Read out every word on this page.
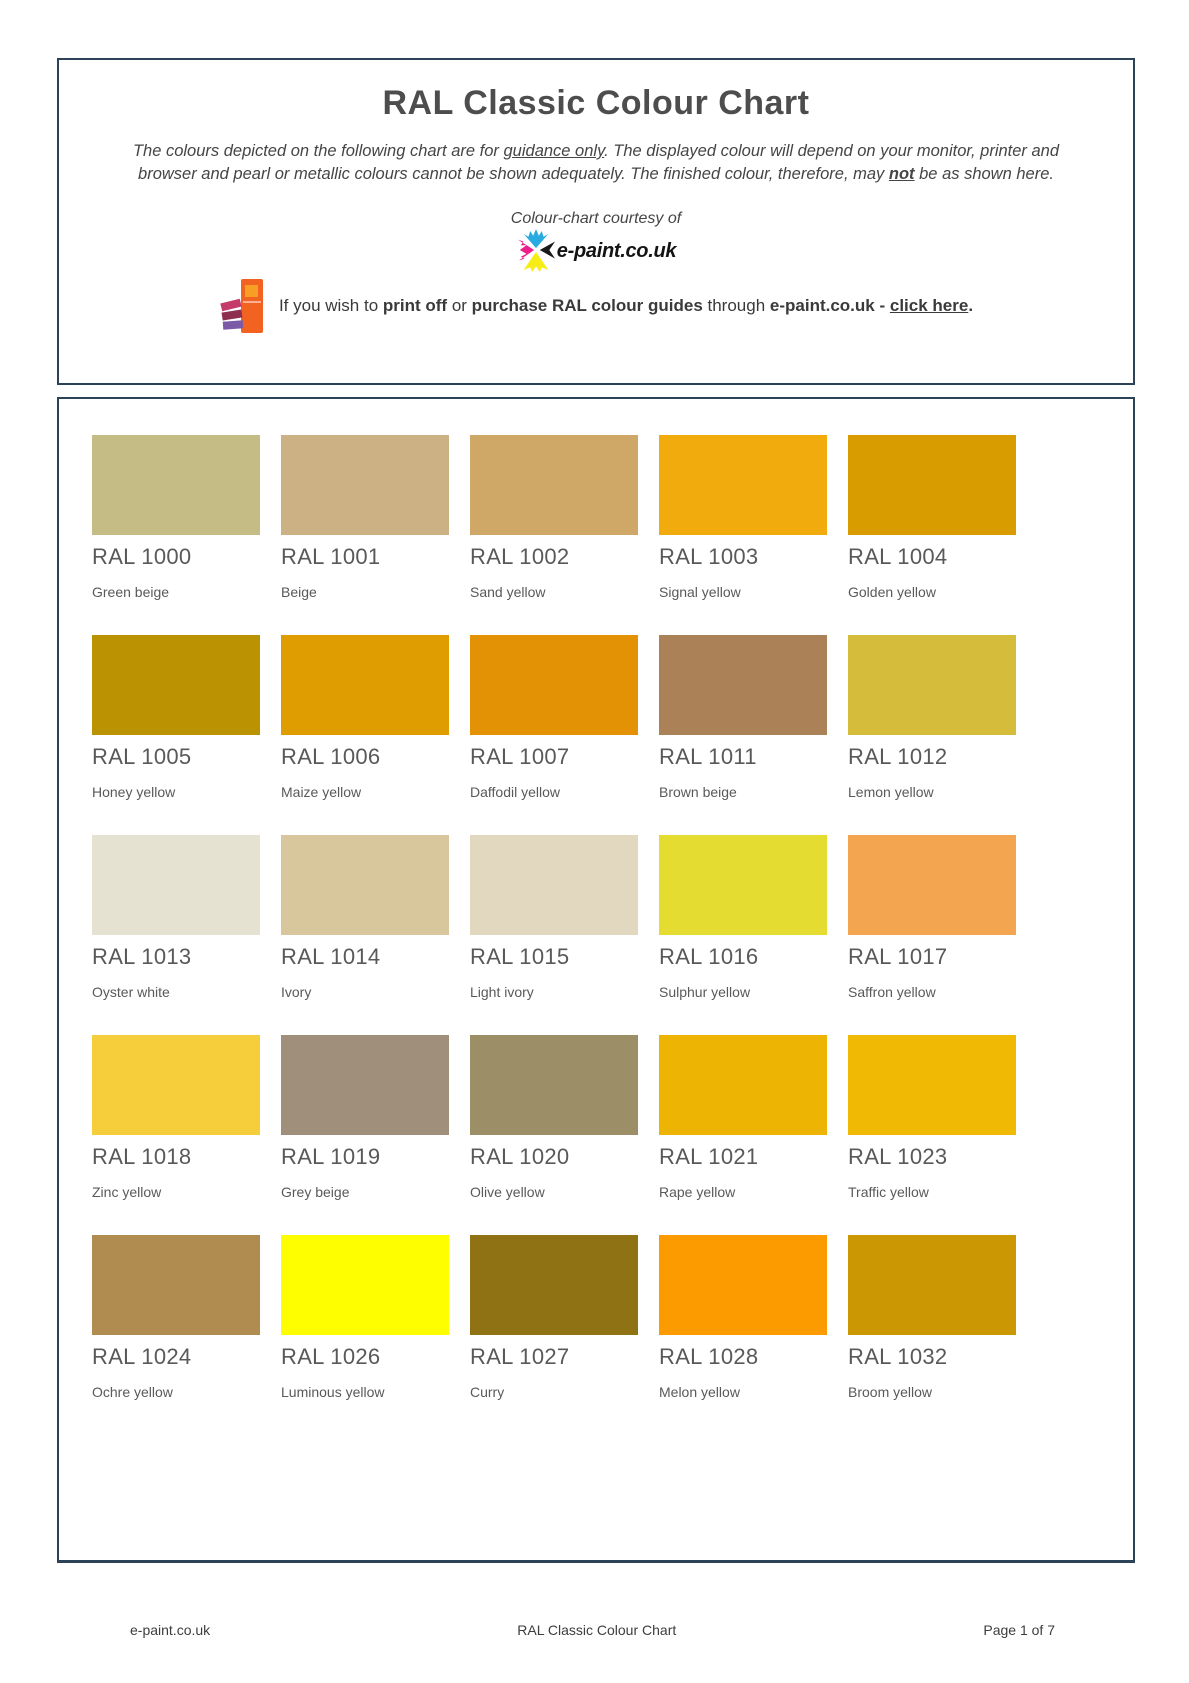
RAL Classic Colour Chart
The colours depicted on the following chart are for guidance only. The displayed colour will depend on your monitor, printer and browser and pearl or metallic colours cannot be shown adequately. The finished colour, therefore, may not be as shown here.
Colour-chart courtesy of
e-paint.co.uk
If you wish to print off or purchase RAL colour guides through e-paint.co.uk - click here.
RAL 1000
Green beige
RAL 1001
Beige
RAL 1002
Sand yellow
RAL 1003
Signal yellow
RAL 1004
Golden yellow
RAL 1005
Honey yellow
RAL 1006
Maize yellow
RAL 1007
Daffodil yellow
RAL 1011
Brown beige
RAL 1012
Lemon yellow
RAL 1013
Oyster white
RAL 1014
Ivory
RAL 1015
Light ivory
RAL 1016
Sulphur yellow
RAL 1017
Saffron yellow
RAL 1018
Zinc yellow
RAL 1019
Grey beige
RAL 1020
Olive yellow
RAL 1021
Rape yellow
RAL 1023
Traffic yellow
RAL 1024
Ochre yellow
RAL 1026
Luminous yellow
RAL 1027
Curry
RAL 1028
Melon yellow
RAL 1032
Broom yellow
e-paint.co.uk	RAL Classic Colour Chart	Page 1 of 7
